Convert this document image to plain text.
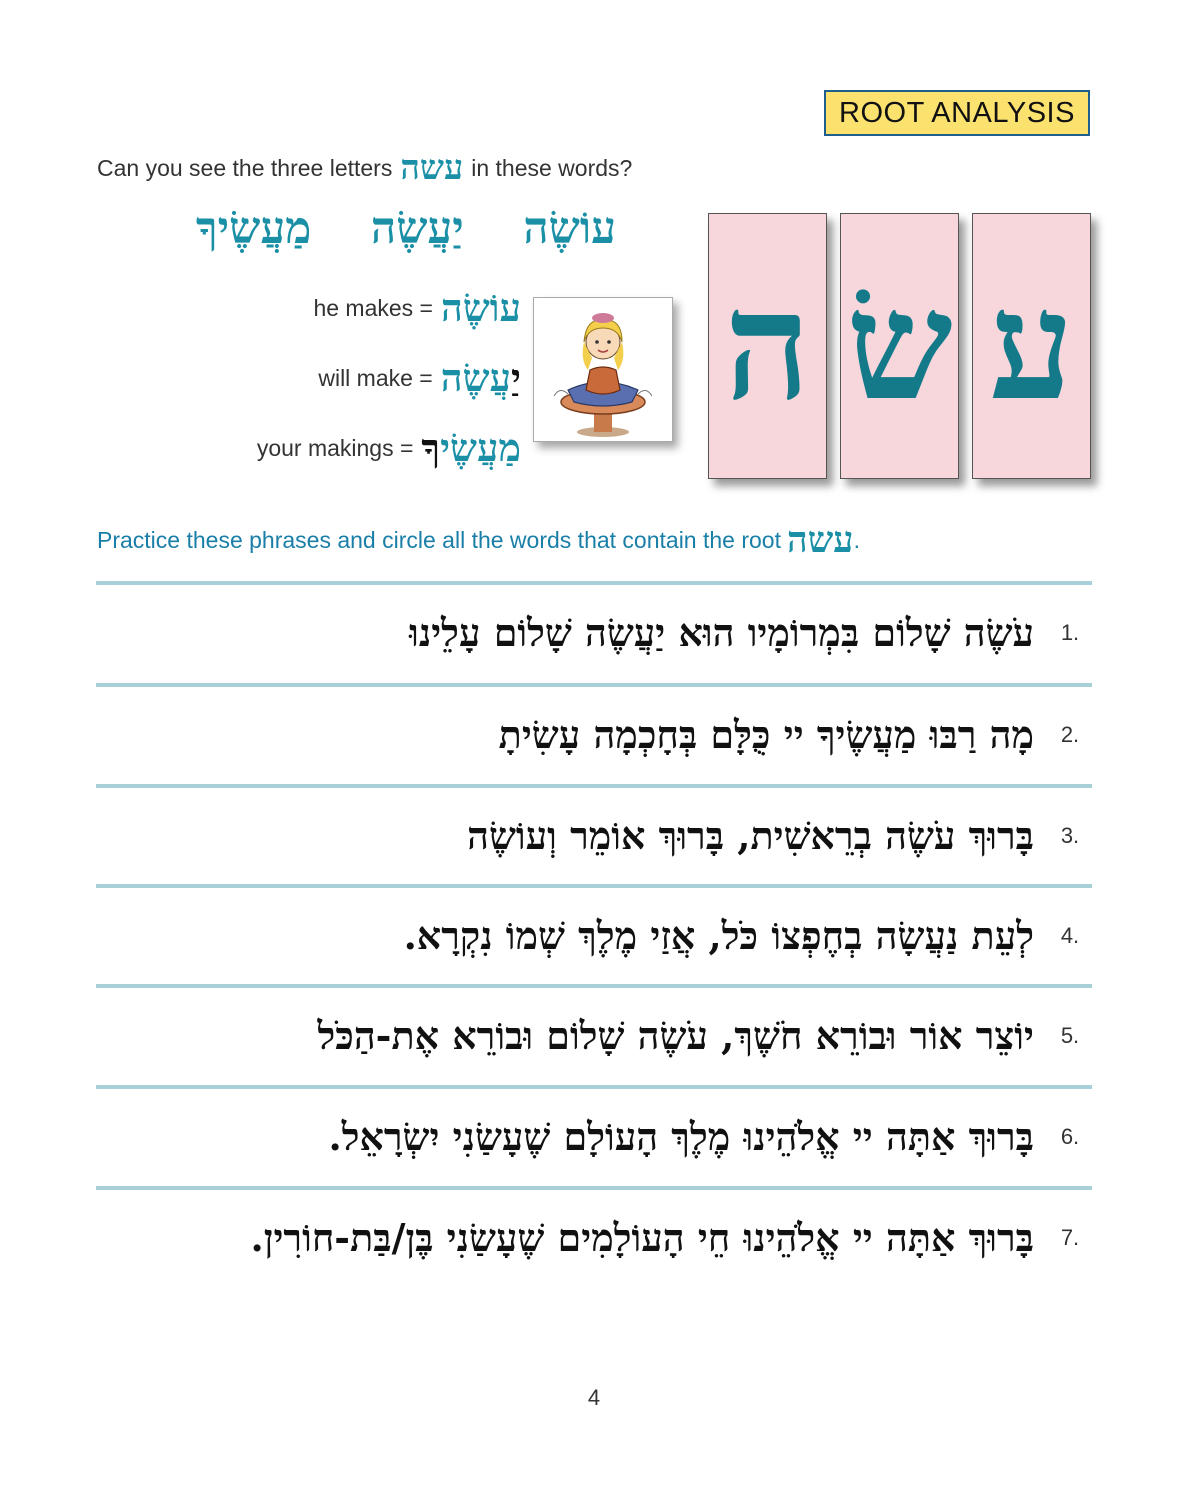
ROOT ANALYSIS
Can you see the three letters עשה in these words?
עוֹשֶׂה
יַעֲשֶׂה
מַעֲשֶׂיךָ
he makes = עוֹשֶׂה
will make =	יַעֲשֶׂה
your makings = מַעֲשֶׂיךָ
ה שׂ ע
Practice these phrases and circle all the words that contain the root עשה .
עֹשֶׂה שָׁלוֹם בִּמְרוֹמָיו הוּא יַעֲשֶׂה שָׁלוֹם עָלֵינוּ	1.
מָה רַבּוּ מַעֲשֶׂיךָ יי כֻּלָּם בְּחָכְמָה עָשִׂיתָ	2.
בָּרוּךְ עֹשֶׂה בְרֵאשִׁית, בָּרוּךְ אוֹמֵר וְעוֹשֶׂה	3.
לְעֵת נַעֲשָׂה בְחֶפְצוֹ כֹּל, אֲזַי מֶלֶךְ שְׁמוֹ נִקְרָא.	4.
יוֹצֵר אוֹר וּבוֹרֵא חֹשֶׁךְ, עֹשֶׂה שָׁלוֹם וּבוֹרֵא אֶת-הַכֹּל	5.
בָּרוּךְ אַתָּה יי אֱלֹהֵינוּ מֶלֶךְ הָעוֹלָם שֶׁעָשַׂנִי יִשְׂרָאֵל.	6.
בָּרוּךְ אַתָּה יי אֱלֹהֵינוּ חֵי הָעוֹלָמִים שֶׁעָשַׂנִי בֶּן/בַּת-חוֹרִין.	7.
4
